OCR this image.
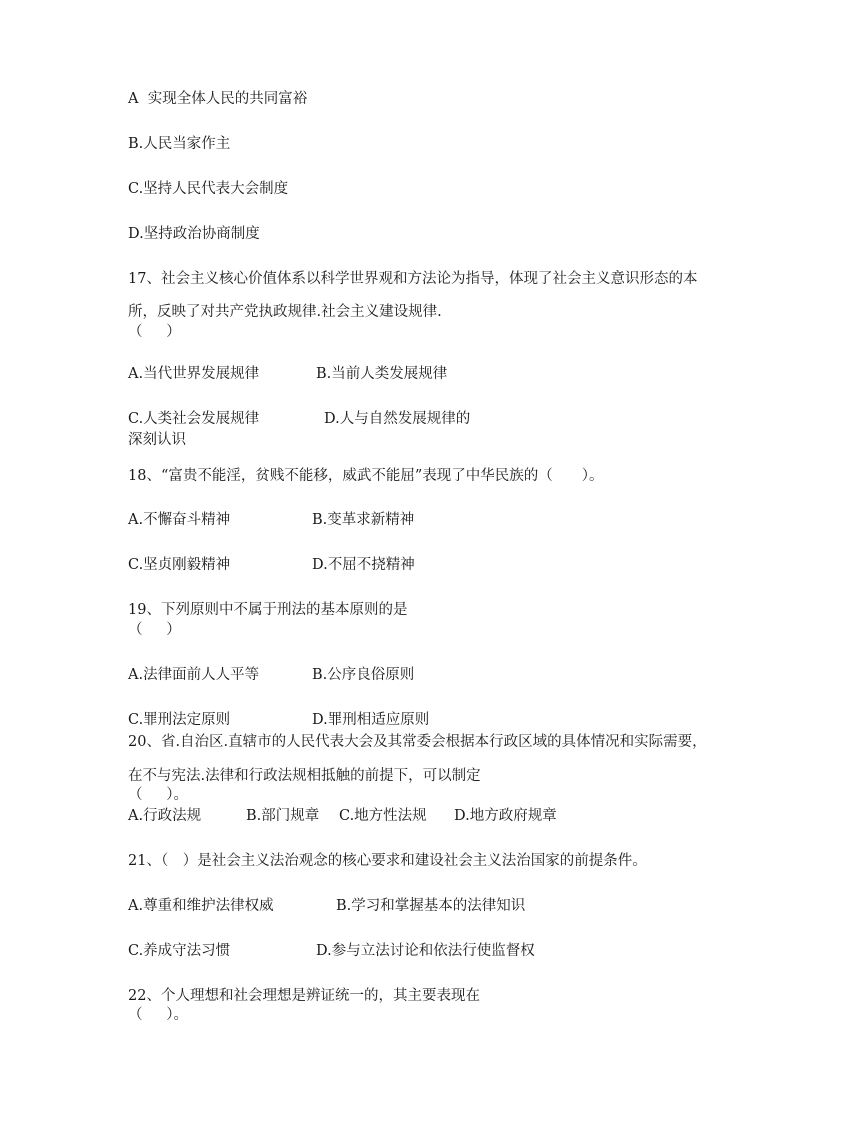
A  实现全体人民的共同富裕
B.人民当家作主
C.坚持人民代表大会制度
D.坚持政治协商制度
17、社会主义核心价值体系以科学世界观和方法论为指导，体现了社会主义意识形态的本
所，反映了对共产党执政规律.社会主义建设规律.
（　  ）
A.当代世界发展规律	B.当前人类发展规律
C.人类社会发展规律	D.人与自然发展规律的
深刻认识
18、“富贵不能淫，贫贱不能移，威武不能屈”表现了中华民族的（　　）。
A.不懈奋斗精神	B.变革求新精神
C.坚贞刚毅精神	D.不屈不挠精神
19、下列原则中不属于刑法的基本原则的是
（　  ）
A.法律面前人人平等	B.公序良俗原则
C.罪刑法定原则	D.罪刑相适应原则
20、省.自治区.直辖市的人民代表大会及其常委会根据本行政区域的具体情况和实际需要，
在不与宪法.法律和行政法规相抵触的前提下，可以制定
（　  ）。
A.行政法规	B.部门规章 C.地方性法规 D.地方政府规章
21、（　）是社会主义法治观念的核心要求和建设社会主义法治国家的前提条件。
A.尊重和维护法律权威	B.学习和掌握基本的法律知识
C.养成守法习惯	D.参与立法讨论和依法行使监督权
22、个人理想和社会理想是辨证统一的，其主要表现在
（　  ）。
